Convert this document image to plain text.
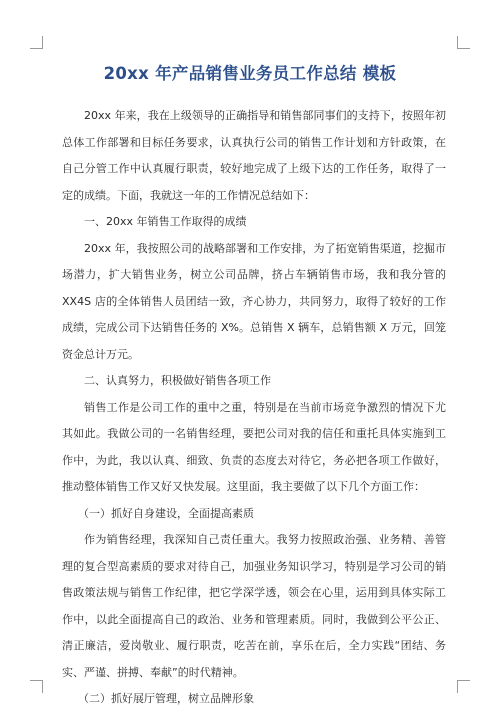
20xx 年产品销售业务员工作总结 模板

20xx 年来，我在上级领导的正确指导和销售部同事们的支持下，按照年初总体工作部署和目标任务要求，认真执行公司的销售工作计划和方针政策，在自己分管工作中认真履行职责，较好地完成了上级下达的工作任务，取得了一定的成绩。下面，我就这一年的工作情况总结如下：

一、20xx 年销售工作取得的成绩

20xx 年，我按照公司的战略部署和工作安排，为了拓宽销售渠道，挖掘市场潜力，扩大销售业务，树立公司品牌，挤占车辆销售市场，我和我分管的 XX4S 店的全体销售人员团结一致，齐心协力，共同努力，取得了较好的工作成绩，完成公司下达销售任务的 X%。总销售 X 辆车，总销售额 X 万元，回笼资金总计万元。

二、认真努力，积极做好销售各项工作

销售工作是公司工作的重中之重，特别是在当前市场竞争激烈的情况下尤其如此。我做公司的一名销售经理，要把公司对我的信任和重托具体实施到工作中，为此，我以认真、细致、负责的态度去对待它，务必把各项工作做好，推动整体销售工作又好又快发展。这里面，我主要做了以下几个方面工作：

（一）抓好自身建设，全面提高素质

作为销售经理，我深知自己责任重大。我努力按照政治强、业务精、善管理的复合型高素质的要求对待自己，加强业务知识学习，特别是学习公司的销售政策法规与销售工作纪律，把它学深学透，领会在心里，运用到具体实际工作中，以此全面提高自己的政治、业务和管理素质。同时，我做到公平公正、清正廉洁，爱岗敬业、履行职责，吃苦在前，享乐在后，全力实践“团结、务实、严谨、拼搏、奉献”的时代精神。

（二）抓好展厅管理，树立品牌形象
